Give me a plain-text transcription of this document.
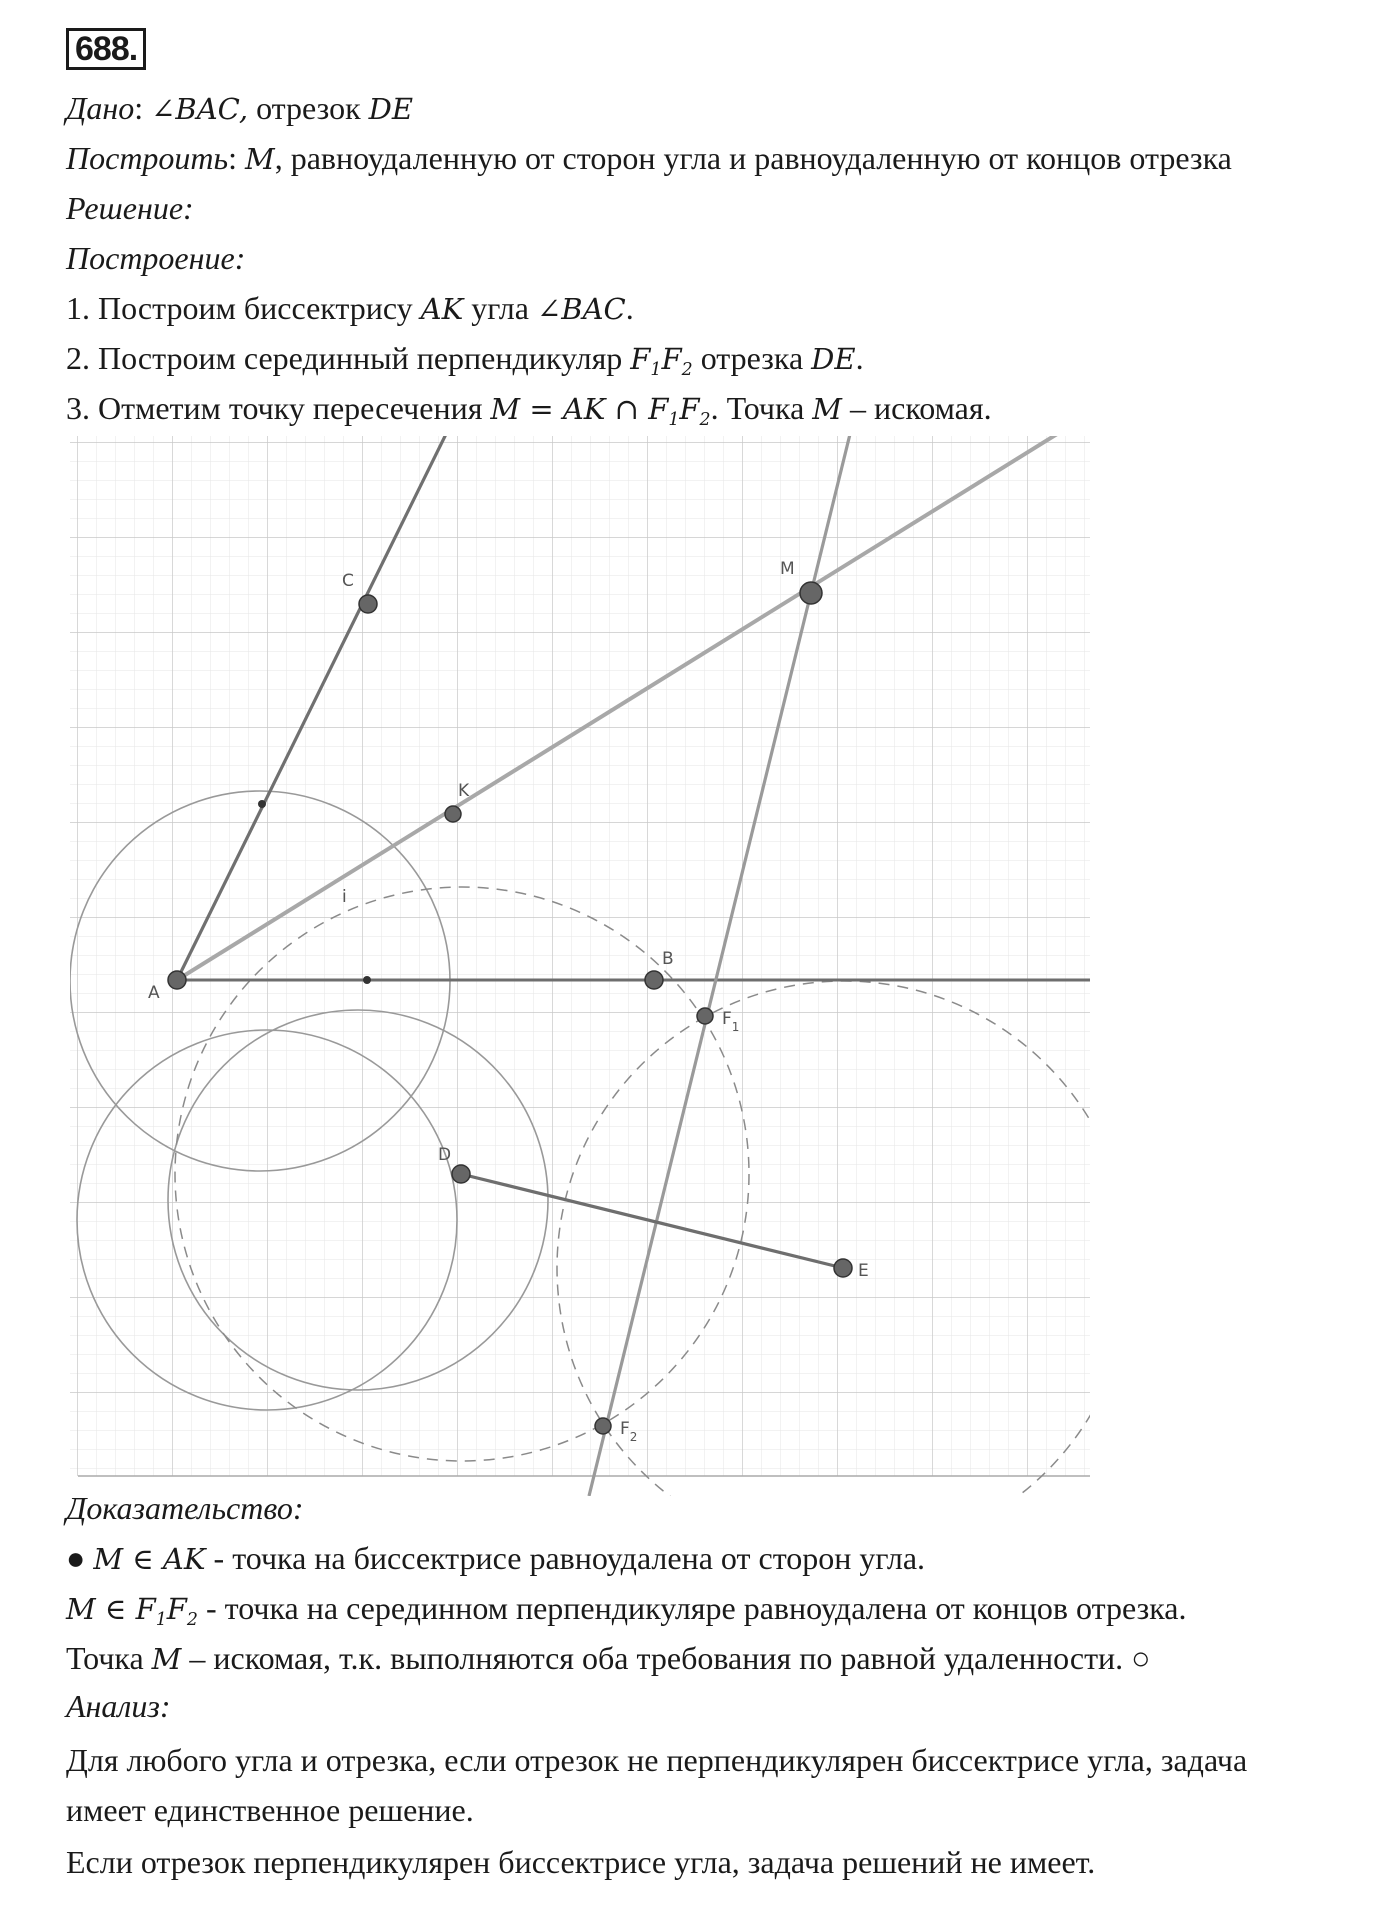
688.
Дано: ∠BAC, отрезок DE
Построить: M, равноудаленную от сторон угла и равноудаленную от концов отрезка
Решение:
Построение:
1. Построим биссектрису AK угла ∠BAC.
2. Построим серединный перпендикуляр $F_1F_2$ отрезка DE.
3. Отметим точку пересечения M = AK ∩ $F_1F_2$. Точка M – искомая.
A
B
C
K
M
D
E
i
$F_1$
$F_2$
Доказательство:
● M ∈ AK - точка на биссектрисе равноудалена от сторон угла.
M ∈ $F_1F_2$ - точка на серединном перпендикуляре равноудалена от концов отрезка.
Точка M – искомая, т.к. выполняются оба требования по равной удаленности. ○
Анализ:
Для любого угла и отрезка, если отрезок не перпендикулярен биссектрисе угла, задача
имеет единственное решение.
Если отрезок перпендикулярен биссектрисе угла, задача решений не имеет.
